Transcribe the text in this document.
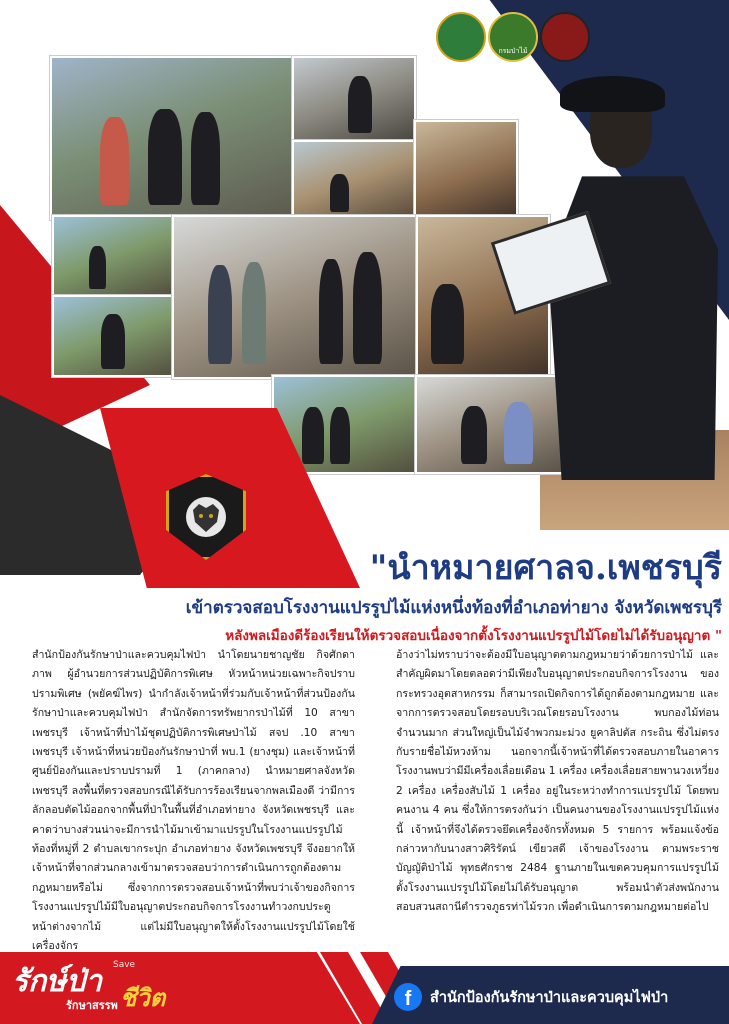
กรมป่าไม้
"นำหมายศาลจ.เพชรบุรี
เข้าตรวจสอบโรงงานแปรรูปไม้แห่งหนึ่งท้องที่อำเภอท่ายาง จังหวัดเพชรบุรี
หลังพลเมืองดีร้องเรียนให้ตรวจสอบเนื่องจากตั้งโรงงานแปรรูปไม้โดยไม่ได้รับอนุญาต "

สำนักป้องกันรักษาป่าและควบคุมไฟป่า นำโดยนายชาญชัย กิจศักดาภาพ ผู้อำนวยการส่วนปฏิบัติการพิเศษ หัวหน้าหน่วยเฉพาะกิจปราบปรามพิเศษ (พยัคฆ์ไพร) นำกำลังเจ้าหน้าที่ร่วมกับเจ้าหน้าที่ส่วนป้องกันรักษาป่าและควบคุมไฟป่า สำนักจัดการทรัพยากรป่าไม้ที่ 10 สาขาเพชรบุรี เจ้าหน้าที่ป่าไม้ชุดปฏิบัติการพิเศษป่าไม้ สจป .10 สาขาเพชรบุรี เจ้าหน้าที่หน่วยป้องกันรักษาป่าที่ พบ.1 (ยางชุม) และเจ้าหน้าที่ศูนย์ป้องกันและปราบปรามที่ 1 (ภาคกลาง) นำหมายศาลจังหวัดเพชรบุรี ลงพื้นที่ตรวจสอบกรณีได้รับการร้องเรียนจากพลเมืองดี ว่ามีการลักลอบตัดไม้ออกจากพื้นที่ป่าในพื้นที่อำเภอท่ายาง จังหวัดเพชรบุรี และคาดว่าบางส่วนน่าจะมีการนำไม้มาเข้ามาแปรรูปในโรงงานแปรรูปไม้ท้องที่หมู่ที่ 2 ตำบลเขากระปุก อำเภอท่ายาง จังหวัดเพชรบุรี จึงอยากให้เจ้าหน้าที่จากส่วนกลางเข้ามาตรวจสอบว่าการดำเนินการถูกต้องตามกฎหมายหรือไม่ ซึ่งจากการตรวจสอบเจ้าหน้าที่พบว่าเจ้าของกิจการโรงงานแปรรูปไม้มีใบอนุญาตประกอบกิจการโรงงานทำวงกบประตู หน้าต่างจากไม้ แต่ไม่มีใบอนุญาตให้ตั้งโรงงานแปรรูปไม้โดยใช้เครื่องจักร

อ้างว่าไม่ทราบว่าจะต้องมีใบอนุญาตตามกฎหมายว่าด้วยการป่าไม้ และสำคัญผิดมาโดยตลอดว่ามีเพียงใบอนุญาตประกอบกิจการโรงงาน ของกระทรวงอุตสาหกรรม ก็สามารถเปิดกิจการได้ถูกต้องตามกฎหมาย และจากการตรวจสอบโดยรอบบริเวณโดยรอบโรงงาน พบกองไม้ท่อนจำนวนมาก ส่วนใหญ่เป็นไม้จำพวกมะม่วง ยูคาลิปตัส กระถิน ซึ่งไม่ตรงกับรายชื่อไม้หวงห้าม นอกจากนี้เจ้าหน้าที่ได้ตรวจสอบภายในอาคารโรงงานพบว่ามีมีเครื่องเลื่อยเดือน 1 เครื่อง เครื่องเลื่อยสายพานวงเหวี่ยง 2 เครื่อง เครื่องสับไม้ 1 เครื่อง อยู่ในระหว่างทำการแปรรูปไม้ โดยพบคนงาน 4 คน ซึ่งให้การตรงกันว่า เป็นคนงานของโรงงานแปรรูปไม้แห่งนี้ เจ้าหน้าที่จึงได้ตรวจยึดเครื่องจักรทั้งหมด 5 รายการ พร้อมแจ้งข้อกล่าวหากับนางสาวศิริรัตน์ เขียวสดี เจ้าของโรงงาน ตามพระราชบัญญัติป่าไม้ พุทธศักราช 2484 ฐานภายในเขตควบคุมการแปรรูปไม้ ตั้งโรงงานแปรรูปไม้โดยไม่ได้รับอนุญาต พร้อมนำตัวส่งพนักงานสอบสวนสถานีตำรวจภูธรท่าไม้รวก เพื่อดำเนินการตามกฎหมายต่อไป

รักษ์ป่า Save
รักษาสรรพ ชีวิต	f สำนักป้องกันรักษาป่าและควบคุมไฟป่า
